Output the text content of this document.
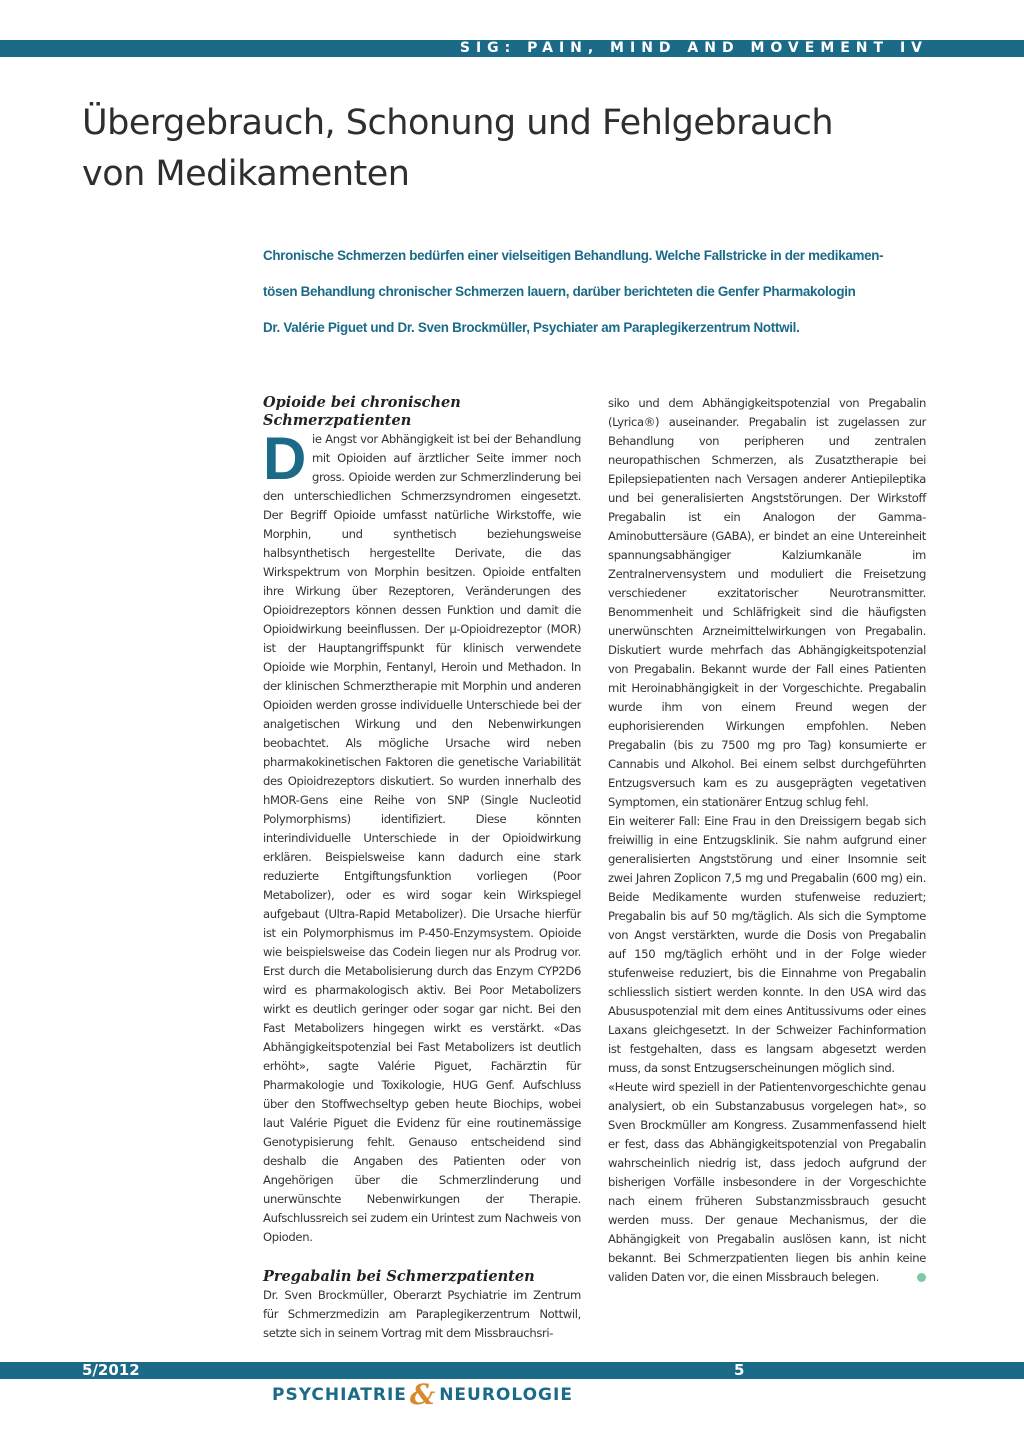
SIG: PAIN, MIND AND MOVEMENT IV
Übergebrauch, Schonung und Fehlgebrauch
von Medikamenten
Chronische Schmerzen bedürfen einer vielseitigen Behandlung. Welche Fallstricke in der medikamen-
tösen Behandlung chronischer Schmerzen lauern, darüber berichteten die Genfer Pharmakologin
Dr. Valérie Piguet und Dr. Sven Brockmüller, Psychiater am Paraplegikerzentrum Nottwil.
Opioide bei chronischen Schmerzpatienten

Die Angst vor Abhängigkeit ist bei der Behandlung mit Opioiden auf ärztlicher Seite immer noch gross. Opioide werden zur Schmerzlinderung bei den unterschiedlichen Schmerzsyndromen eingesetzt. Der Begriff Opioide umfasst natürliche Wirkstoffe, wie Morphin, und synthetisch beziehungsweise halbsynthetisch hergestellte Derivate, die das Wirkspektrum von Morphin besitzen. Opioide entfalten ihre Wirkung über Rezeptoren, Veränderungen des Opioidrezeptors können dessen Funktion und damit die Opioidwirkung beeinflussen. Der μ-Opioidrezeptor (MOR) ist der Hauptangriffspunkt für klinisch verwendete Opioide wie Morphin, Fentanyl, Heroin und Methadon. In der klinischen Schmerztherapie mit Morphin und anderen Opioiden werden grosse individuelle Unterschiede bei der analgetischen Wirkung und den Nebenwirkungen beobachtet. Als mögliche Ursache wird neben pharmakokinetischen Faktoren die genetische Variabilität des Opioidrezeptors diskutiert. So wurden innerhalb des hMOR-Gens eine Reihe von SNP (Single Nucleotid Polymorphisms) identifiziert. Diese könnten interindividuelle Unterschiede in der Opioidwirkung erklären. Beispielsweise kann dadurch eine stark reduzierte Entgiftungsfunktion vorliegen (Poor Metabolizer), oder es wird sogar kein Wirkspiegel aufgebaut (Ultra-Rapid Metabolizer). Die Ursache hierfür ist ein Polymorphismus im P-450-Enzymsystem. Opioide wie beispielsweise das Codein liegen nur als Prodrug vor. Erst durch die Metabolisierung durch das Enzym CYP2D6 wird es pharmakologisch aktiv. Bei Poor Metabolizers wirkt es deutlich geringer oder sogar gar nicht. Bei den Fast Metabolizers hingegen wirkt es verstärkt. «Das Abhängigkeitspotenzial bei Fast Metabolizers ist deutlich erhöht», sagte Valérie Piguet, Fachärztin für Pharmakologie und Toxikologie, HUG Genf. Aufschluss über den Stoffwechseltyp geben heute Biochips, wobei laut Valérie Piguet die Evidenz für eine routinemässige Genotypisierung fehlt. Genauso entscheidend sind deshalb die Angaben des Patienten oder von Angehörigen über die Schmerzlinderung und unerwünschte Nebenwirkungen der Therapie. Aufschlussreich sei zudem ein Urintest zum Nachweis von Opioden.

Pregabalin bei Schmerzpatienten

Dr. Sven Brockmüller, Oberarzt Psychiatrie im Zentrum für Schmerzmedizin am Paraplegikerzentrum Nottwil, setzte sich in seinem Vortrag mit dem Missbrauchsri-

siko und dem Abhängigkeitspotenzial von Pregabalin (Lyrica®) auseinander. Pregabalin ist zugelassen zur Behandlung von peripheren und zentralen neuropathischen Schmerzen, als Zusatztherapie bei Epilepsiepatienten nach Versagen anderer Antiepileptika und bei generalisierten Angststörungen. Der Wirkstoff Pregabalin ist ein Analogon der Gamma-Aminobuttersäure (GABA), er bindet an eine Untereinheit spannungsabhängiger Kalziumkanäle im Zentralnervensystem und moduliert die Freisetzung verschiedener exzitatorischer Neurotransmitter. Benommenheit und Schläfrigkeit sind die häufigsten unerwünschten Arzneimittelwirkungen von Pregabalin. Diskutiert wurde mehrfach das Abhängigkeitspotenzial von Pregabalin. Bekannt wurde der Fall eines Patienten mit Heroinabhängigkeit in der Vorgeschichte. Pregabalin wurde ihm von einem Freund wegen der euphorisierenden Wirkungen empfohlen. Neben Pregabalin (bis zu 7500 mg pro Tag) konsumierte er Cannabis und Alkohol. Bei einem selbst durchgeführten Entzugsversuch kam es zu ausgeprägten vegetativen Symptomen, ein stationärer Entzug schlug fehl.

Ein weiterer Fall: Eine Frau in den Dreissigern begab sich freiwillig in eine Entzugsklinik. Sie nahm aufgrund einer generalisierten Angststörung und einer Insomnie seit zwei Jahren Zoplicon 7,5 mg und Pregabalin (600 mg) ein. Beide Medikamente wurden stufenweise reduziert; Pregabalin bis auf 50 mg/täglich. Als sich die Symptome von Angst verstärkten, wurde die Dosis von Pregabalin auf 150 mg/täglich erhöht und in der Folge wieder stufenweise reduziert, bis die Einnahme von Pregabalin schliesslich sistiert werden konnte. In den USA wird das Abususpotenzial mit dem eines Antitussivums oder eines Laxans gleichgesetzt. In der Schweizer Fachinformation ist festgehalten, dass es langsam abgesetzt werden muss, da sonst Entzugserscheinungen möglich sind.

«Heute wird speziell in der Patientenvorgeschichte genau analysiert, ob ein Substanzabusus vorgelegen hat», so Sven Brockmüller am Kongress. Zusammenfassend hielt er fest, dass das Abhängigkeitspotenzial von Pregabalin wahrscheinlich niedrig ist, dass jedoch aufgrund der bisherigen Vorfälle insbesondere in der Vorgeschichte nach einem früheren Substanzmissbrauch gesucht werden muss. Der genaue Mechanismus, der die Abhängigkeit von Pregabalin auslösen kann, ist nicht bekannt. Bei Schmerzpatienten liegen bis anhin keine validen Daten vor, die einen Missbrauch belegen.

5/2012	5
PSYCHIATRIE & NEUROLOGIE
